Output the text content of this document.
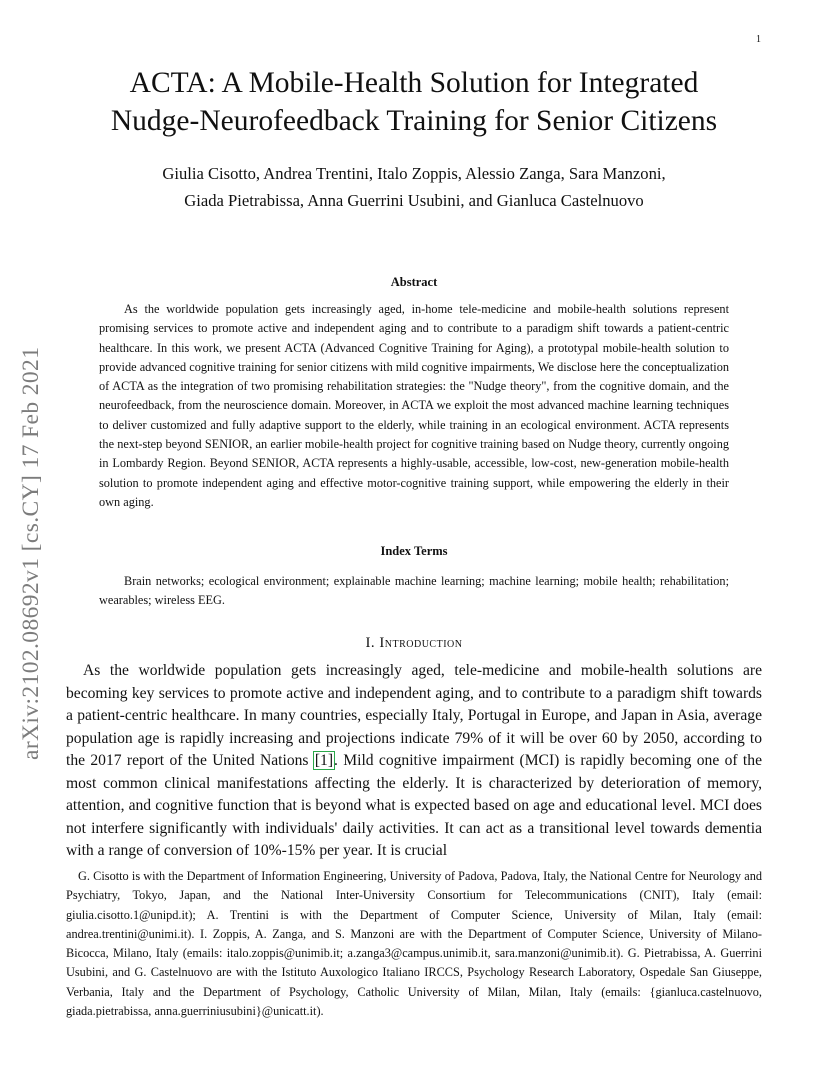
1
arXiv:2102.08692v1 [cs.CY] 17 Feb 2021
ACTA: A Mobile-Health Solution for Integrated
Nudge-Neurofeedback Training for Senior Citizens
Giulia Cisotto, Andrea Trentini, Italo Zoppis, Alessio Zanga, Sara Manzoni,
Giada Pietrabissa, Anna Guerrini Usubini, and Gianluca Castelnuovo
Abstract

As the worldwide population gets increasingly aged, in-home tele-medicine and mobile-health solutions represent promising services to promote active and independent aging and to contribute to a paradigm shift towards a patient-centric healthcare. In this work, we present ACTA (Advanced Cognitive Training for Aging), a prototypal mobile-health solution to provide advanced cognitive training for senior citizens with mild cognitive impairments, We disclose here the conceptualization of ACTA as the integration of two promising rehabilitation strategies: the "Nudge theory", from the cognitive domain, and the neurofeedback, from the neuroscience domain. Moreover, in ACTA we exploit the most advanced machine learning techniques to deliver customized and fully adaptive support to the elderly, while training in an ecological environment. ACTA represents the next-step beyond SENIOR, an earlier mobile-health project for cognitive training based on Nudge theory, currently ongoing in Lombardy Region. Beyond SENIOR, ACTA represents a highly-usable, accessible, low-cost, new-generation mobile-health solution to promote independent aging and effective motor-cognitive training support, while empowering the elderly in their own aging.

Index Terms

Brain networks; ecological environment; explainable machine learning; machine learning; mobile health; rehabilitation; wearables; wireless EEG.

I. Introduction

As the worldwide population gets increasingly aged, tele-medicine and mobile-health solutions are becoming key services to promote active and independent aging, and to contribute to a paradigm shift towards a patient-centric healthcare. In many countries, especially Italy, Portugal in Europe, and Japan in Asia, average population age is rapidly increasing and projections indicate 79% of it will be over 60 by 2050, according to the 2017 report of the United Nations [1]. Mild cognitive impairment (MCI) is rapidly becoming one of the most common clinical manifestations affecting the elderly. It is characterized by deterioration of memory, attention, and cognitive function that is beyond what is expected based on age and educational level. MCI does not interfere significantly with individuals' daily activities. It can act as a transitional level towards dementia with a range of conversion of 10%-15% per year. It is crucial

G. Cisotto is with the Department of Information Engineering, University of Padova, Padova, Italy, the National Centre for Neurology and Psychiatry, Tokyo, Japan, and the National Inter-University Consortium for Telecommunications (CNIT), Italy (email: giulia.cisotto.1@unipd.it); A. Trentini is with the Department of Computer Science, University of Milan, Italy (email: andrea.trentini@unimi.it). I. Zoppis, A. Zanga, and S. Manzoni are with the Department of Computer Science, University of Milano-Bicocca, Milano, Italy (emails: italo.zoppis@unimib.it; a.zanga3@campus.unimib.it, sara.manzoni@unimib.it). G. Pietrabissa, A. Guerrini Usubini, and G. Castelnuovo are with the Istituto Auxologico Italiano IRCCS, Psychology Research Laboratory, Ospedale San Giuseppe, Verbania, Italy and the Department of Psychology, Catholic University of Milan, Milan, Italy (emails: {gianluca.castelnuovo, giada.pietrabissa, anna.guerriniusubini}@unicatt.it).
